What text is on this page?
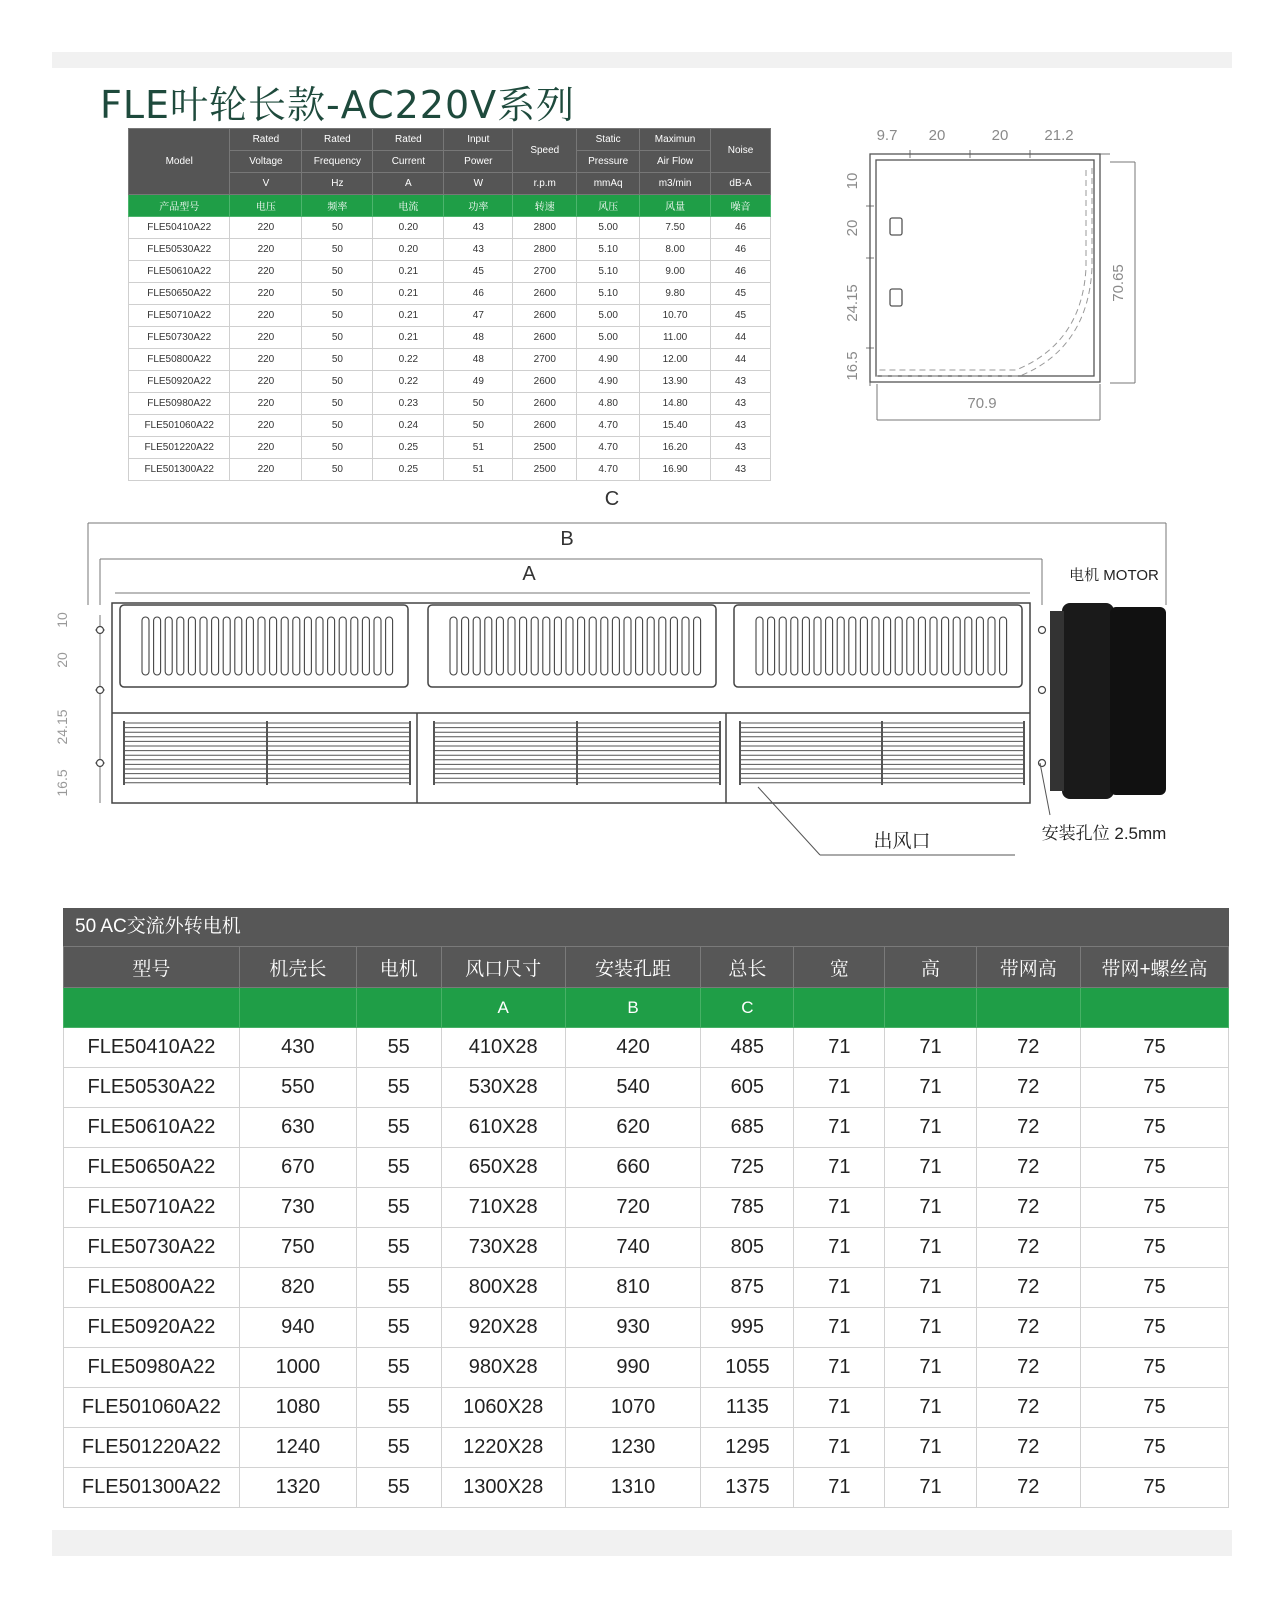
FLE叶轮长款-AC220V系列
Model	Rated	Rated	Rated	Input	Speed	Static	Maximun	Noise
	Voltage	Frequency	Current	Power		Pressure	Air Flow	
	V	Hz	A	W	r.p.m	mmAq	m3/min	dB-A
产品型号	电压	频率	电流	功率	转速	风压	风量	噪音
FLE50410A22	220	50	0.20	43	2800	5.00	7.50	46
FLE50530A22	220	50	0.20	43	2800	5.10	8.00	46
FLE50610A22	220	50	0.21	45	2700	5.10	9.00	46
FLE50650A22	220	50	0.21	46	2600	5.10	9.80	45
FLE50710A22	220	50	0.21	47	2600	5.00	10.70	45
FLE50730A22	220	50	0.21	48	2600	5.00	11.00	44
FLE50800A22	220	50	0.22	48	2700	4.90	12.00	44
FLE50920A22	220	50	0.22	49	2600	4.90	13.90	43
FLE50980A22	220	50	0.23	50	2600	4.80	14.80	43
FLE501060A22	220	50	0.24	50	2600	4.70	15.40	43
FLE501220A22	220	50	0.25	51	2500	4.70	16.20	43
FLE501300A22	220	50	0.25	51	2500	4.70	16.90	43
9.7 20	20 21.2
10
20
24.15
16.5
70.65
70.9
C
B
A
10
20
24.15
16.5
电机 MOTOR
出风口	安装孔位 2.5mm
50 AC交流外转电机
型号	机壳长	电机	风口尺寸	安装孔距	总长	宽	高	带网高	带网+螺丝高
			A	B	C				
FLE50410A22	430	55	410X28	420	485	71	71	72	75
FLE50530A22	550	55	530X28	540	605	71	71	72	75
FLE50610A22	630	55	610X28	620	685	71	71	72	75
FLE50650A22	670	55	650X28	660	725	71	71	72	75
FLE50710A22	730	55	710X28	720	785	71	71	72	75
FLE50730A22	750	55	730X28	740	805	71	71	72	75
FLE50800A22	820	55	800X28	810	875	71	71	72	75
FLE50920A22	940	55	920X28	930	995	71	71	72	75
FLE50980A22	1000	55	980X28	990	1055	71	71	72	75
FLE501060A22	1080	55	1060X28	1070	1135	71	71	72	75
FLE501220A22	1240	55	1220X28	1230	1295	71	71	72	75
FLE501300A22	1320	55	1300X28	1310	1375	71	71	72	75
